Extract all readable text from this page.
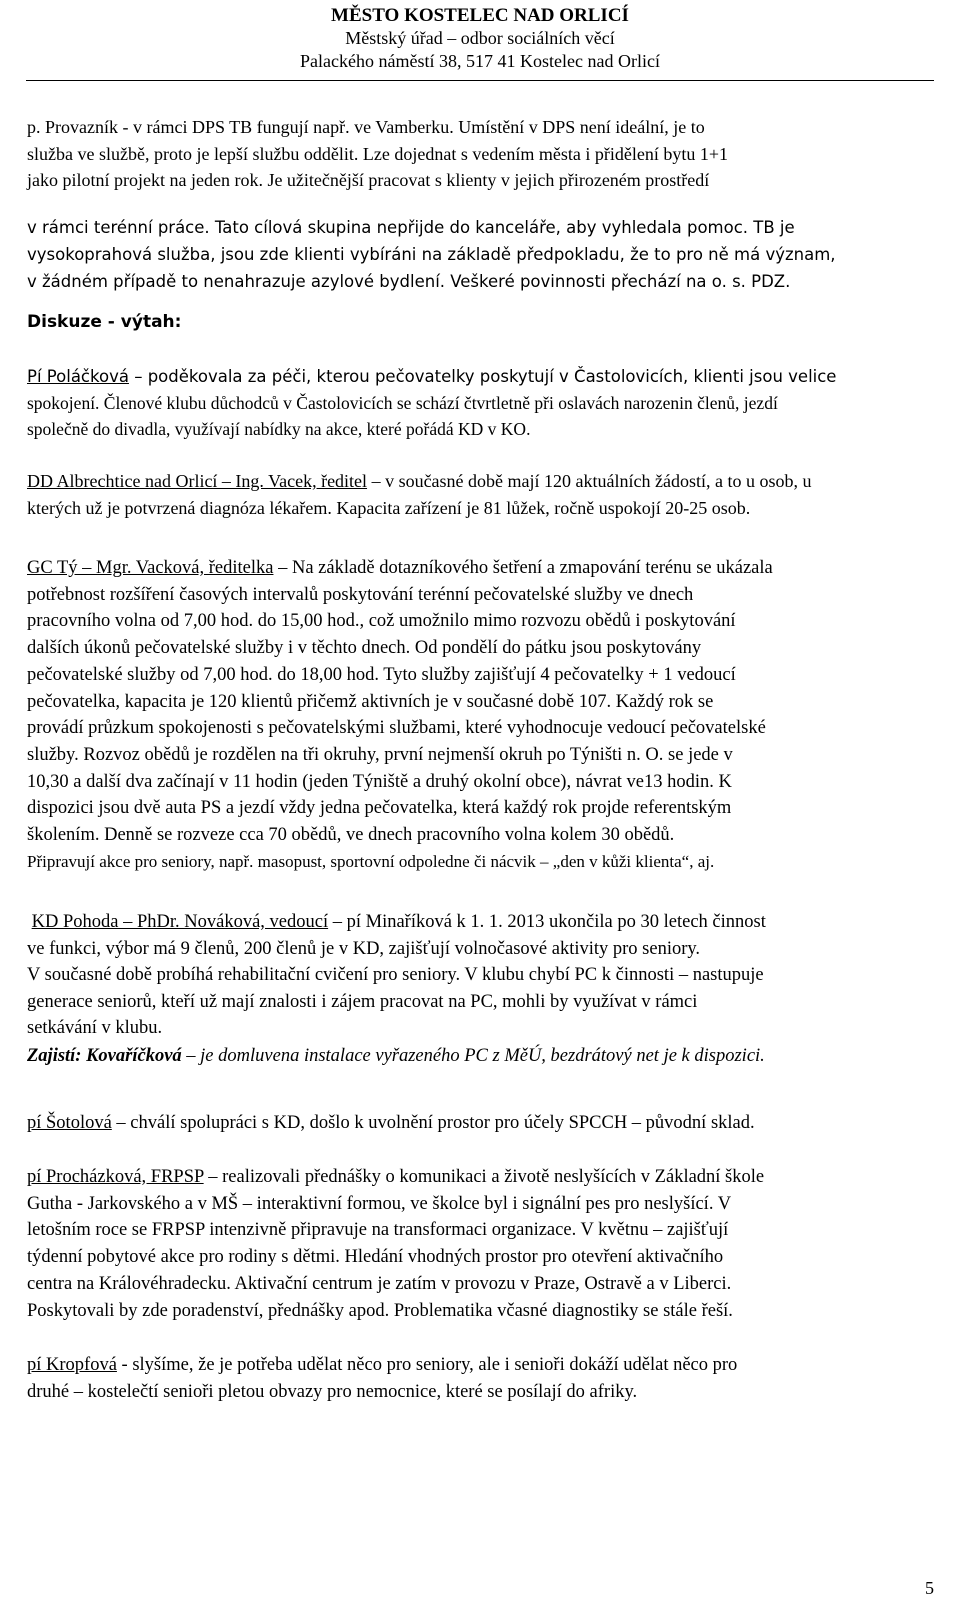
MĚSTO KOSTELEC NAD ORLICÍ
Městský úřad – odbor sociálních věcí
Palackého náměstí 38, 517 41 Kostelec nad Orlicí

p. Provazník - v rámci DPS TB fungují např. ve Vamberku. Umístění v DPS není ideální, je to
služba ve službě, proto je lepší službu oddělit. Lze dojednat s vedením města i přidělení bytu 1+1
jako pilotní projekt na jeden rok. Je užitečnější pracovat s klienty v jejich přirozeném prostředí

v rámci terénní práce. Tato cílová skupina nepřijde do kanceláře, aby vyhledala pomoc. TB je
vysokoprahová služba, jsou zde klienti vybíráni na základě předpokladu, že to pro ně má význam,
v žádném případě to nenahrazuje azylové bydlení. Veškeré povinnosti přechází na o. s. PDZ.

Diskuze - výtah:

Pí Poláčková – poděkovala za péči, kterou pečovatelky poskytují v Častolovicích, klienti jsou velice
spokojení. Členové klubu důchodců v Častolovicích se schází čtvrtletně při oslavách narozenin členů, jezdí
společně do divadla, využívají nabídky na akce, které pořádá KD v KO.

DD Albrechtice nad Orlicí – Ing. Vacek, ředitel – v současné době mají 120 aktuálních žádostí, a to u osob, u
kterých už je potvrzená diagnóza lékařem. Kapacita zařízení je 81 lůžek, ročně uspokojí 20-25 osob.

GC Tý – Mgr. Vacková, ředitelka – Na základě dotazníkového šetření a zmapování terénu se ukázala
potřebnost rozšíření časových intervalů poskytování terénní pečovatelské služby ve dnech
pracovního volna od 7,00 hod. do 15,00 hod., což umožnilo mimo rozvozu obědů i poskytování
dalších úkonů pečovatelské služby i v těchto dnech. Od pondělí do pátku jsou poskytovány
pečovatelské služby od 7,00 hod. do 18,00 hod. Tyto služby zajišťují 4 pečovatelky + 1 vedoucí
pečovatelka, kapacita je 120 klientů přičemž aktivních je v současné době 107. Každý rok se
provádí průzkum spokojenosti s pečovatelskými službami, které vyhodnocuje vedoucí pečovatelské
služby. Rozvoz obědů je rozdělen na tři okruhy, první nejmenší okruh po Týništi n. O. se jede v
10,30 a další dva začínají v 11 hodin (jeden Týniště a druhý okolní obce), návrat ve13 hodin. K
dispozici jsou dvě auta PS a jezdí vždy jedna pečovatelka, která každý rok projde referentským
školením. Denně se rozveze cca 70 obědů, ve dnech pracovního volna kolem 30 obědů.
Připravují akce pro seniory, např. masopust, sportovní odpoledne či nácvik – „den v kůži klienta“, aj.

KD Pohoda – PhDr. Nováková, vedoucí – pí Minaříková k 1. 1. 2013 ukončila po 30 letech činnost
ve funkci, výbor má 9 členů, 200 členů je v KD, zajišťují volnočasové aktivity pro seniory.
V současné době probíhá rehabilitační cvičení pro seniory. V klubu chybí PC k činnosti – nastupuje
generace seniorů, kteří už mají znalosti i zájem pracovat na PC, mohli by využívat v rámci
setkávání v klubu.

Zajistí: Kovaříčková – je domluvena instalace vyřazeného PC z MěÚ, bezdrátový net je k dispozici.

pí Šotolová – chválí spolupráci s KD, došlo k uvolnění prostor pro účely SPCCH – původní sklad.

pí Procházková, FRPSP – realizovali přednášky o komunikaci a životě neslyšících v Základní škole
Gutha - Jarkovského a v MŠ – interaktivní formou, ve školce byl i signální pes pro neslyšící. V
letošním roce se FRPSP intenzivně připravuje na transformaci organizace. V květnu – zajišťují
týdenní pobytové akce pro rodiny s dětmi. Hledání vhodných prostor pro otevření aktivačního
centra na Královéhradecku. Aktivační centrum je zatím v provozu v Praze, Ostravě a v Liberci.
Poskytovali by zde poradenství, přednášky apod. Problematika včasné diagnostiky se stále řeší.

pí Kropfová - slyšíme, že je potřeba udělat něco pro seniory, ale i senioři dokáží udělat něco pro
druhé – kostelečtí senioři pletou obvazy pro nemocnice, které se posílají do afriky.

5
